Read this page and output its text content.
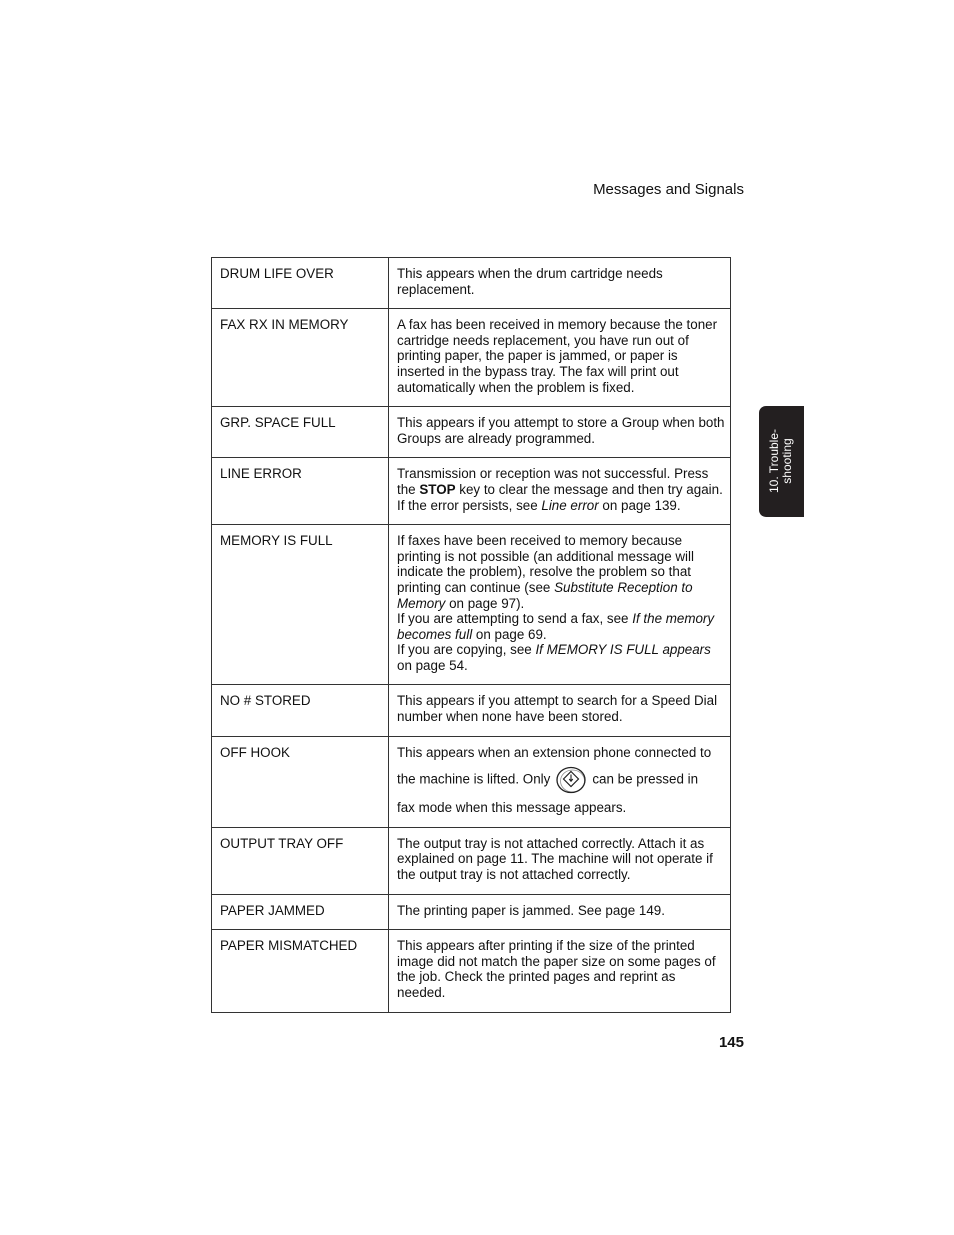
Messages and Signals
10. Trouble-
shooting
DRUM LIFE OVER	This appears when the drum cartridge needs replacement.
FAX RX IN MEMORY	A fax has been received in memory because the toner cartridge needs replacement, you have run out of printing paper, the paper is jammed, or paper is inserted in the bypass tray. The fax will print out automatically when the problem is fixed.
GRP. SPACE FULL	This appears if you attempt to store a Group when both Groups are already programmed.
LINE ERROR	Transmission or reception was not successful. Press the STOP key to clear the message and then try again. If the error persists, see Line error on page 139.
MEMORY IS FULL	If faxes have been received to memory because printing is not possible (an additional message will indicate the problem), resolve the problem so that printing can continue (see Substitute Reception to Memory on page 97).
If you are attempting to send a fax, see If the memory becomes full on page 69.
If you are copying, see If MEMORY IS FULL appears on page 54.
NO # STORED	This appears if you attempt to search for a Speed Dial number when none have been stored.
OFF HOOK	This appears when an extension phone connected to
the machine is lifted. Only can be pressed in
fax mode when this message appears.

OUTPUT TRAY OFF	The output tray is not attached correctly. Attach it as explained on page 11. The machine will not operate if the output tray is not attached correctly.
PAPER JAMMED	The printing paper is jammed. See page 149.
PAPER MISMATCHED	This appears after printing if the size of the printed image did not match the paper size on some pages of the job. Check the printed pages and reprint as needed.
145
